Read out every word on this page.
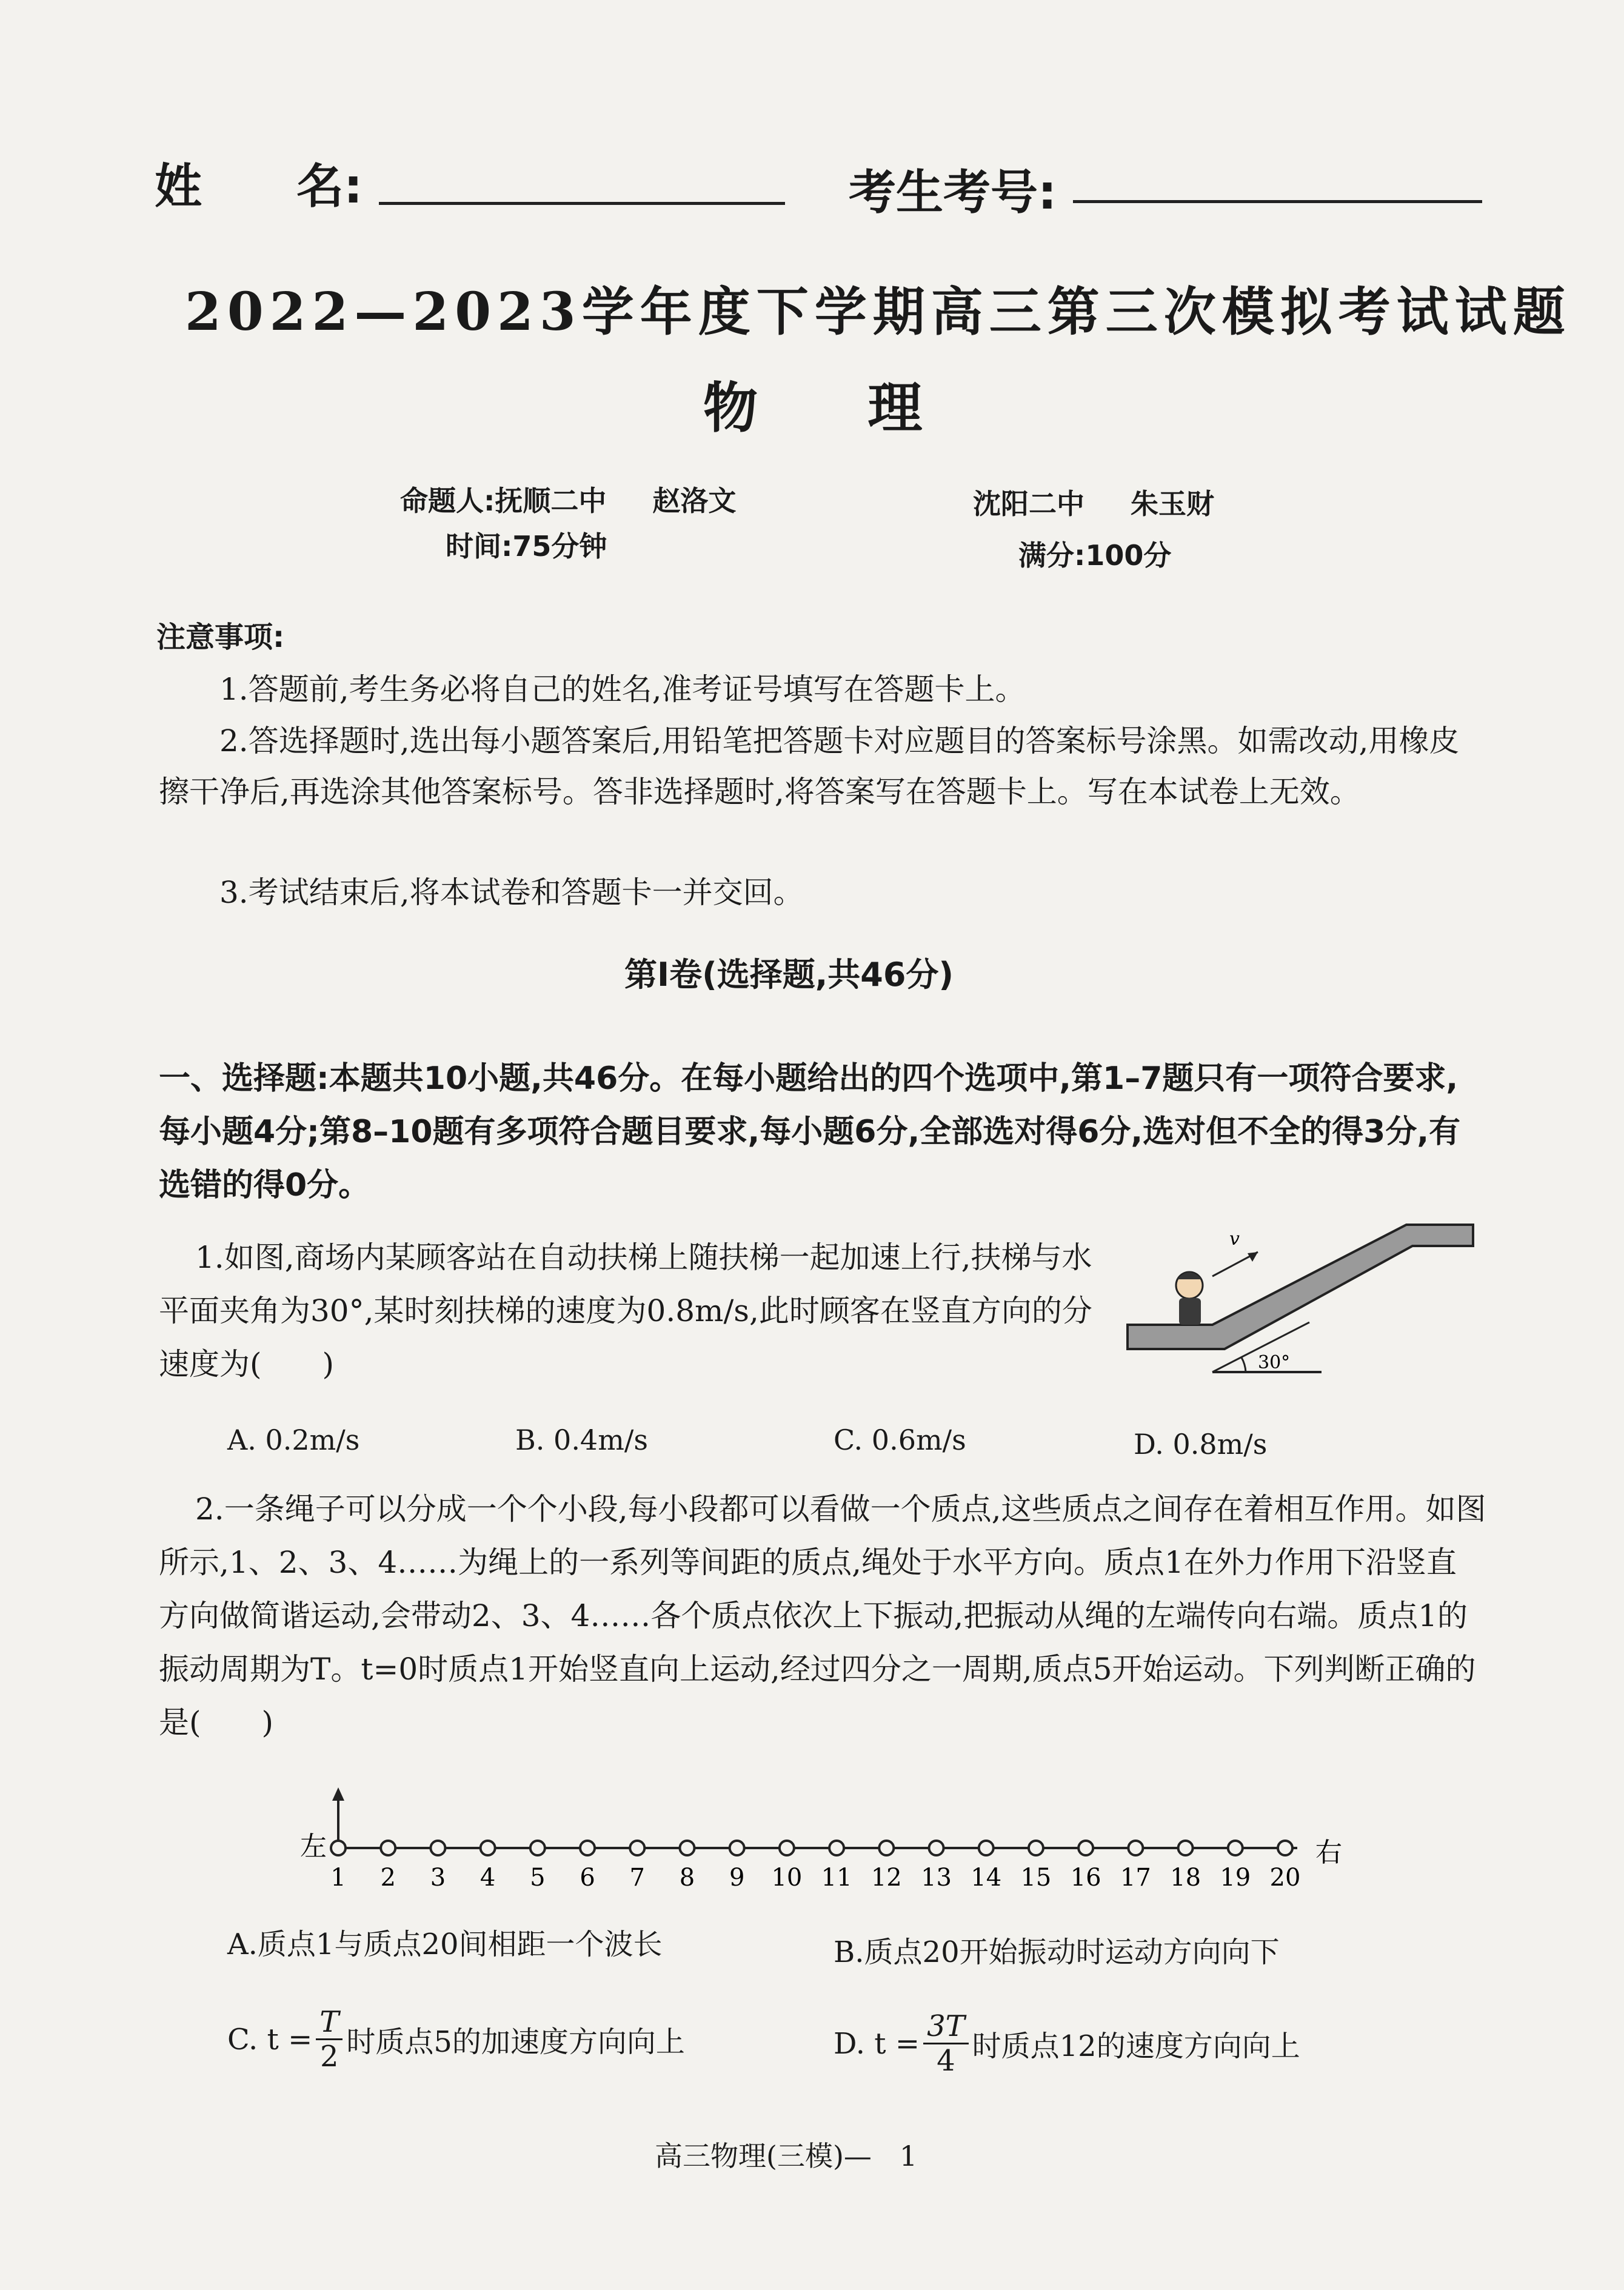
姓　　名:	考生考号:
2022—2023学年度下学期高三第三次模拟考试试题
物 理
命题人:抚顺二中 赵洛文	沈阳二中 朱玉财
时间:75分钟	满分:100分
注意事项:
1.答题前,考生务必将自己的姓名,准考证号填写在答题卡上。
2.答选择题时,选出每小题答案后,用铅笔把答题卡对应题目的答案标号涂黑。如需改动,用橡皮擦干净后,再选涂其他答案标号。答非选择题时,将答案写在答题卡上。写在本试卷上无效。
3.考试结束后,将本试卷和答题卡一并交回。
第Ⅰ卷(选择题,共46分)
一、选择题:本题共10小题,共46分。在每小题给出的四个选项中,第1–7题只有一项符合要求,每小题4分;第8–10题有多项符合题目要求,每小题6分,全部选对得6分,选对但不全的得3分,有选错的得0分。
1.如图,商场内某顾客站在自动扶梯上随扶梯一起加速上行,扶梯与水平面夹角为30°,某时刻扶梯的速度为0.8m/s,此时顾客在竖直方向的分速度为(　　)	30°
v
A. 0.2m/s	B. 0.4m/s	C. 0.6m/s	D. 0.8m/s
2.一条绳子可以分成一个个小段,每小段都可以看做一个质点,这些质点之间存在着相互作用。如图所示,1、2、3、4……为绳上的一系列等间距的质点,绳处于水平方向。质点1在外力作用下沿竖直方向做简谐运动,会带动2、3、4……各个质点依次上下振动,把振动从绳的左端传向右端。质点1的振动周期为T。t=0时质点1开始竖直向上运动,经过四分之一周期,质点5开始运动。下列判断正确的是(　　)
左	右
1 2 3 4 5 6 7 8 9 10 11 12 13 14 15 16 17 18 19 20
A.质点1与质点20间相距一个波长	B.质点20开始振动时运动方向向下
C. $t = \frac{T}{2}$ 时质点5的加速度方向向上	D. $t = \frac{3T}{4}$ 时质点12的速度方向向上
高三物理(三模)—　1
